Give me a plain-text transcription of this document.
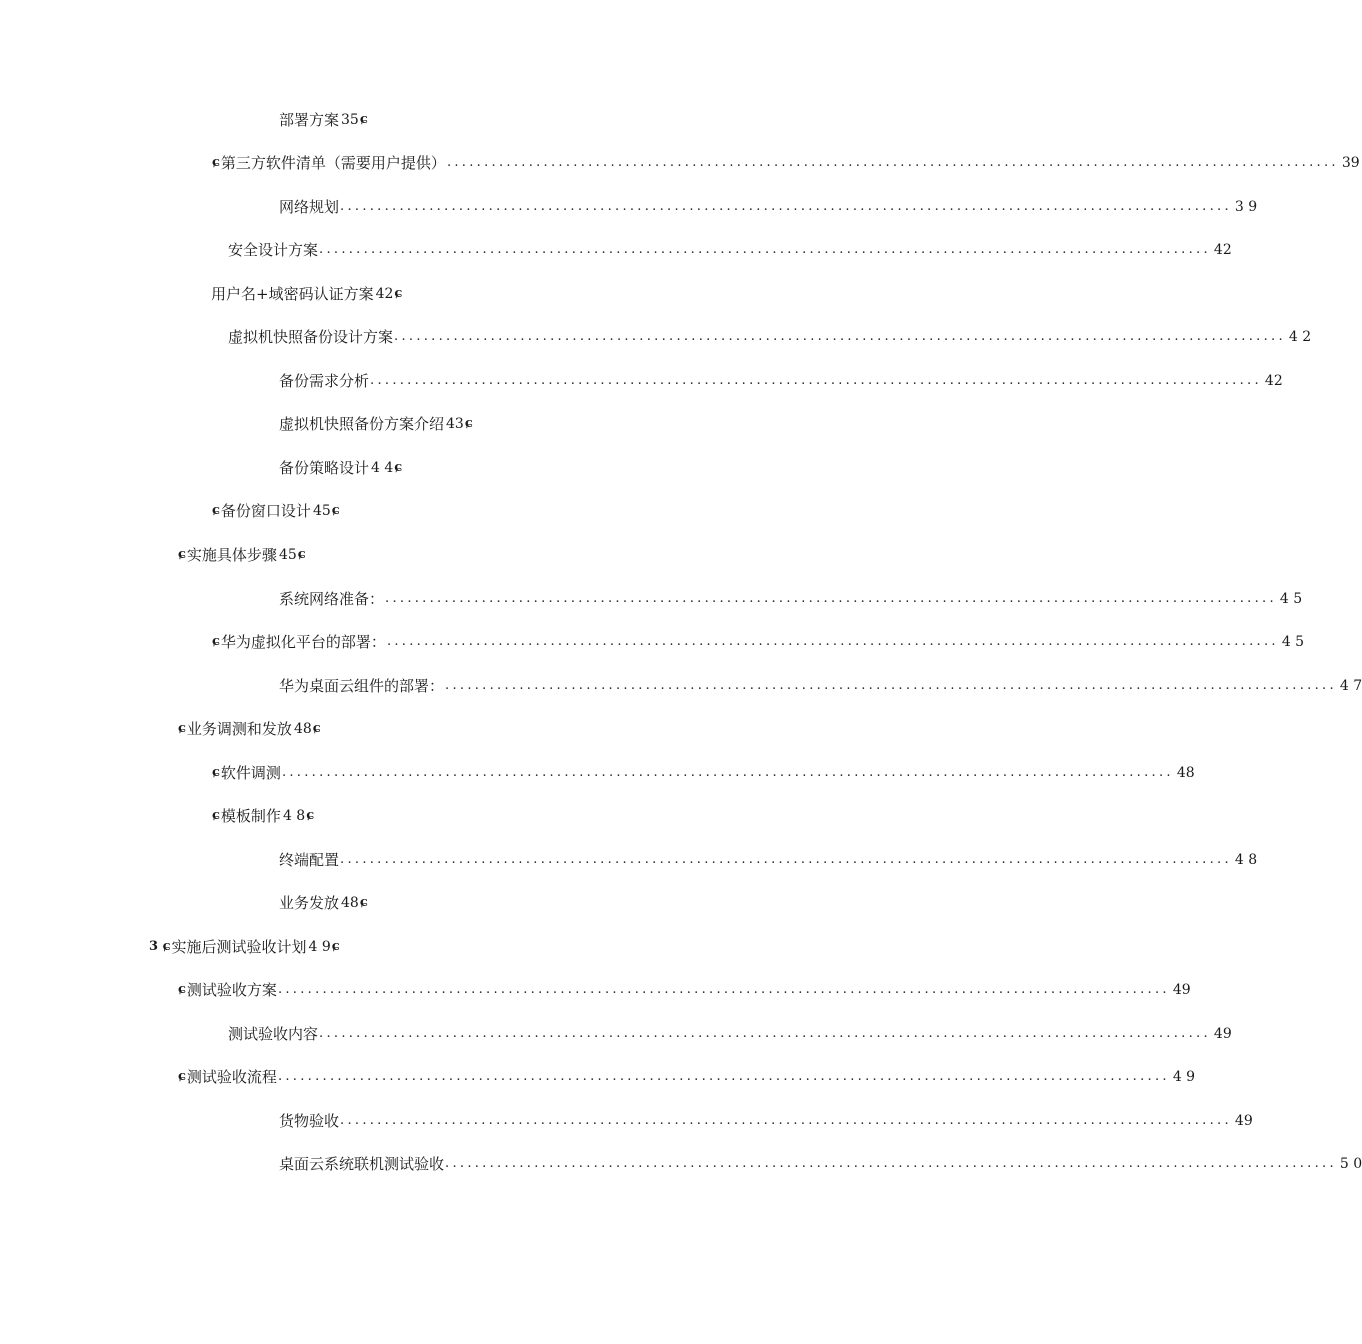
部署方案 35 ɕ
ɕ 第三方软件清单（需要用户提供） ........................................................................................................................ 39
网络规划 ........................................................................................................................ 3 9
安全设计方案 ........................................................................................................................ 42
用户名+域密码认证方案 42 ɕ
虚拟机快照备份设计方案 ........................................................................................................................ 4 2
备份需求分析 ........................................................................................................................ 42
虚拟机快照备份方案介绍 43 ɕ
备份策略设计 4 4 ɕ
ɕ 备份窗口设计 45 ɕ
ɕ 实施具体步骤 45 ɕ
系统网络准备： ........................................................................................................................ 4 5
ɕ 华为虚拟化平台的部署： ........................................................................................................................ 4 5
华为桌面云组件的部署： ........................................................................................................................ 4 7
ɕ 业务调测和发放 48 ɕ
ɕ 软件调测 ........................................................................................................................ 48
ɕ 模板制作 4 8 ɕ
终端配置 ........................................................................................................................ 4 8
业务发放 48 ɕ
3 ɕ 实施后测试验收计划 4 9 ɕ
ɕ 测试验收方案 ........................................................................................................................ 49
测试验收内容 ........................................................................................................................ 49
ɕ 测试验收流程 ........................................................................................................................ 4 9
货物验收 ........................................................................................................................ 49
桌面云系统联机测试验收 ........................................................................................................................ 5 0
